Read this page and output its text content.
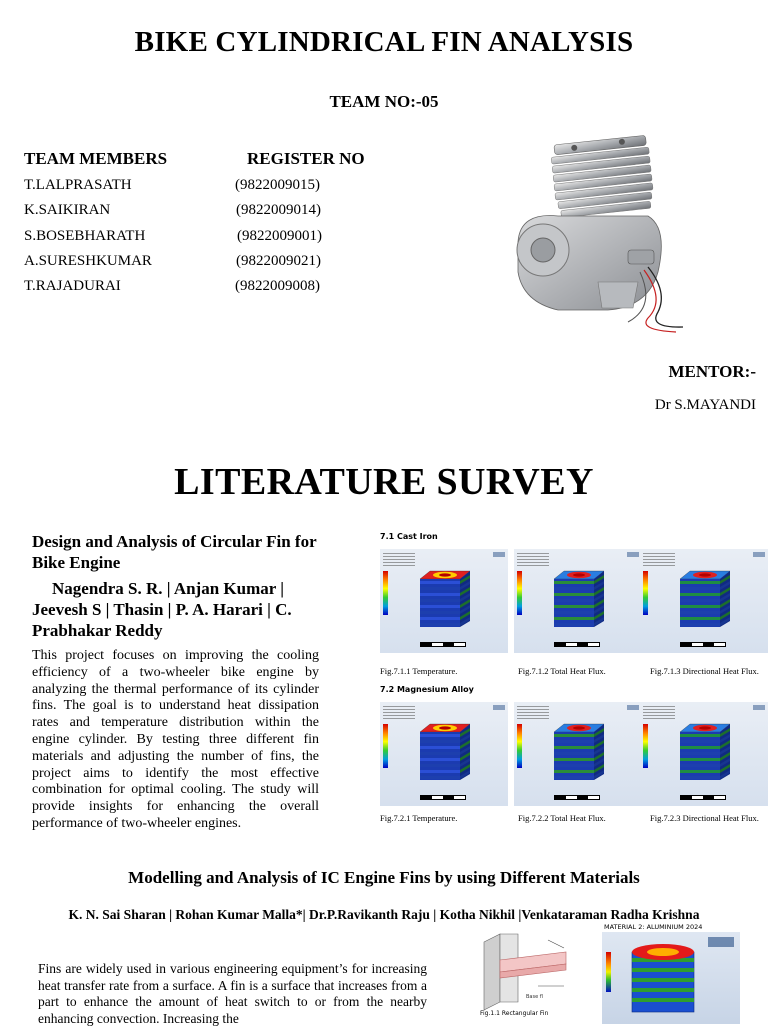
BIKE CYLINDRICAL FIN ANALYSIS
TEAM NO:-05
TEAM MEMBERS	REGISTER NO
T.LALPRASATH	(9822009015)
K.SAIKIRAN	(9822009014)
S.BOSEBHARATH	(9822009001)
A.SURESHKUMAR	(9822009021)
T.RAJADURAI	(9822009008)
MENTOR:-
Dr S.MAYANDI
LITERATURE SURVEY
Design and Analysis of Circular Fin for Bike Engine
Nagendra S. R. | Anjan Kumar | Jeevesh S | Thasin | P. A. Harari | C. Prabhakar Reddy
This project focuses on improving the cooling efficiency of a two-wheeler bike engine by analyzing the thermal performance of its cylinder fins. The goal is to understand heat dissipation rates and temperature distribution within the engine cylinder. By testing three different fin materials and adjusting the number of fins, the project aims to identify the most effective combination for optimal cooling. The study will provide insights for enhancing the overall performance of two-wheeler engines.
7.1 Cast Iron
Fig.7.1.1 Temperature.	Fig.7.1.2 Total Heat Flux.	Fig.7.1.3 Directional Heat Flux.
7.2 Magnesium Alloy
Fig.7.2.1 Temperature.	Fig.7.2.2 Total Heat Flux.	Fig.7.2.3 Directional Heat Flux.
Modelling and Analysis of IC Engine Fins by using Different Materials
K. N. Sai Sharan | Rohan Kumar Malla*| Dr.P.Ravikanth Raju | Kotha Nikhil |Venkataraman Radha Krishna
Fins are widely used in various engineering equipment’s for increasing heat transfer rate from a surface. A fin is a surface that increases from a part to enhance the amount of heat switch to or from the nearby enhancing convection. Increasing the
Base fl
Fig.1.1 Rectangular Fin
MATERIAL 2: ALUMINIUM 2024
